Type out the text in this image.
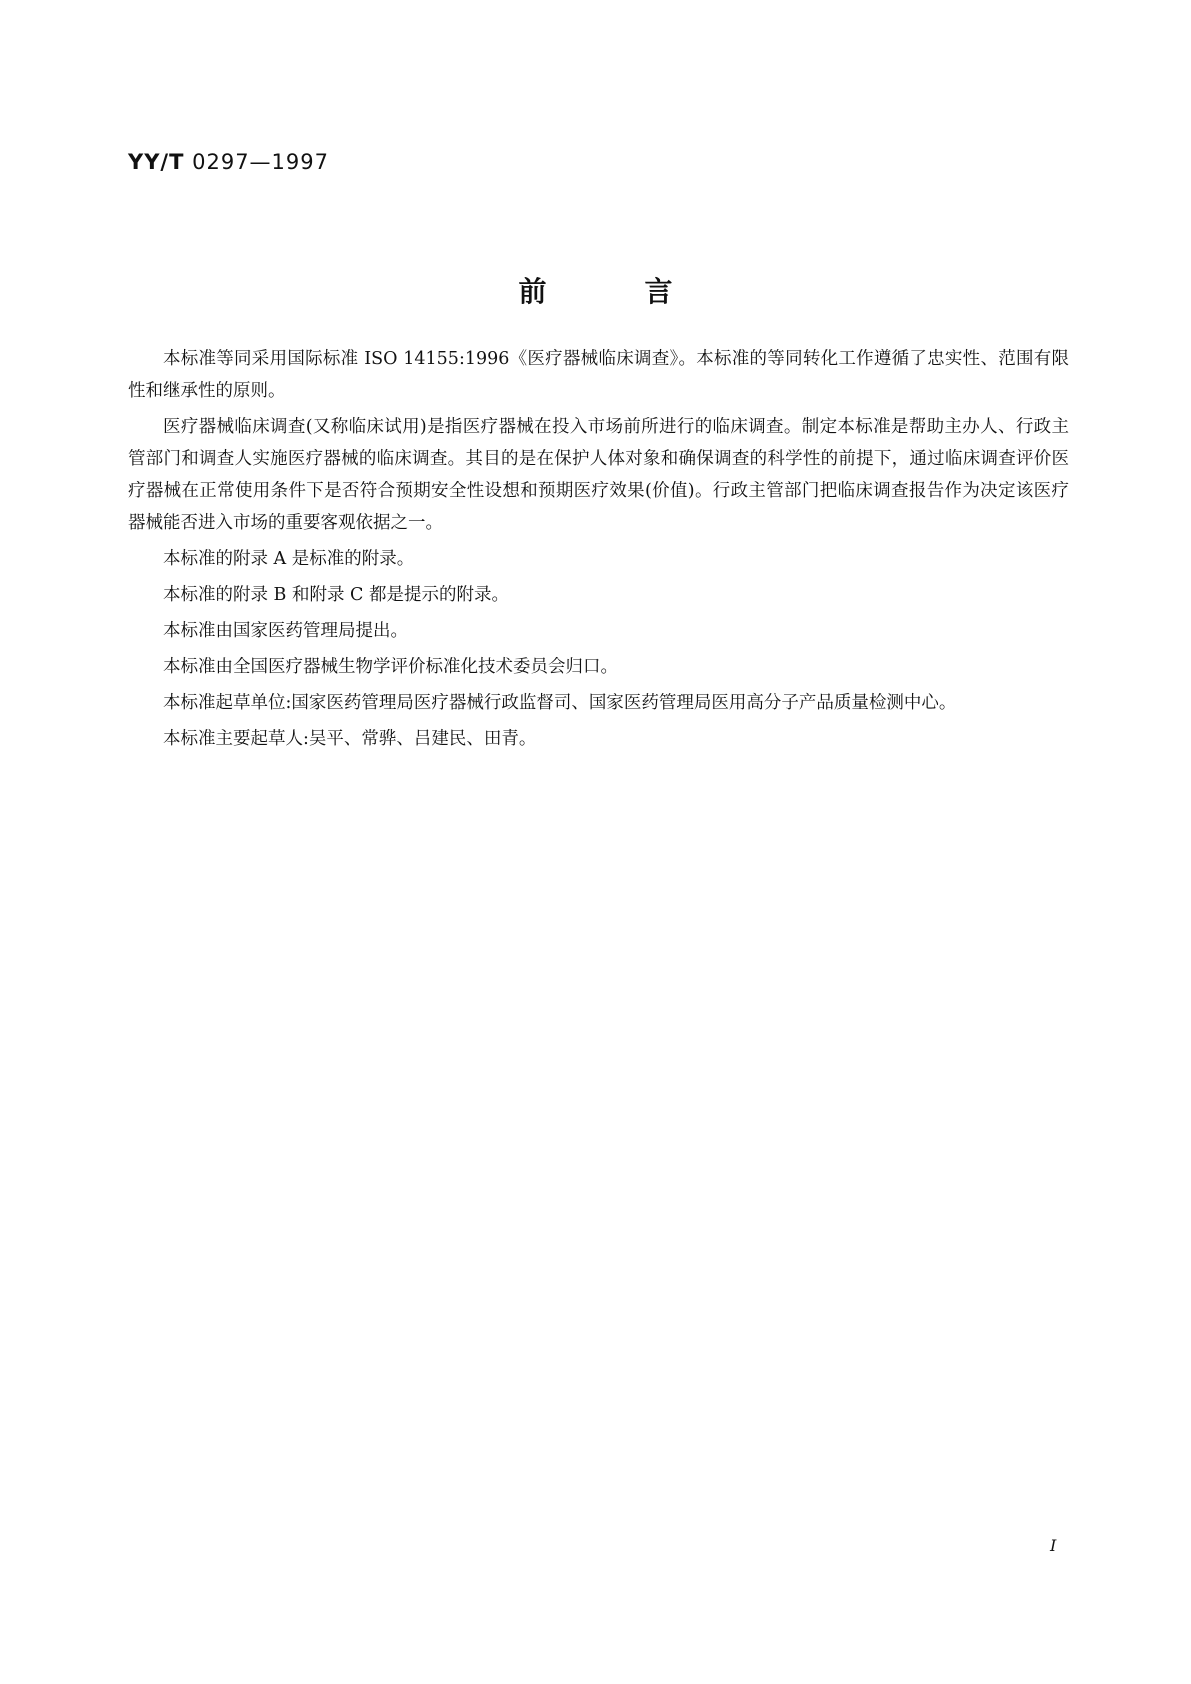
YY/T 0297—1997
前言

本标准等同采用国际标准 ISO 14155:1996《医疗器械临床调查》。本标准的等同转化工作遵循了忠实性、范围有限性和继承性的原则。

医疗器械临床调查(又称临床试用)是指医疗器械在投入市场前所进行的临床调查。制定本标准是帮助主办人、行政主管部门和调查人实施医疗器械的临床调查。其目的是在保护人体对象和确保调查的科学性的前提下，通过临床调查评价医疗器械在正常使用条件下是否符合预期安全性设想和预期医疗效果(价值)。行政主管部门把临床调查报告作为决定该医疗器械能否进入市场的重要客观依据之一。

本标准的附录 A 是标准的附录。

本标准的附录 B 和附录 C 都是提示的附录。

本标准由国家医药管理局提出。

本标准由全国医疗器械生物学评价标准化技术委员会归口。

本标准起草单位:国家医药管理局医疗器械行政监督司、国家医药管理局医用高分子产品质量检测中心。

本标准主要起草人:吴平、常骅、吕建民、田青。

I
